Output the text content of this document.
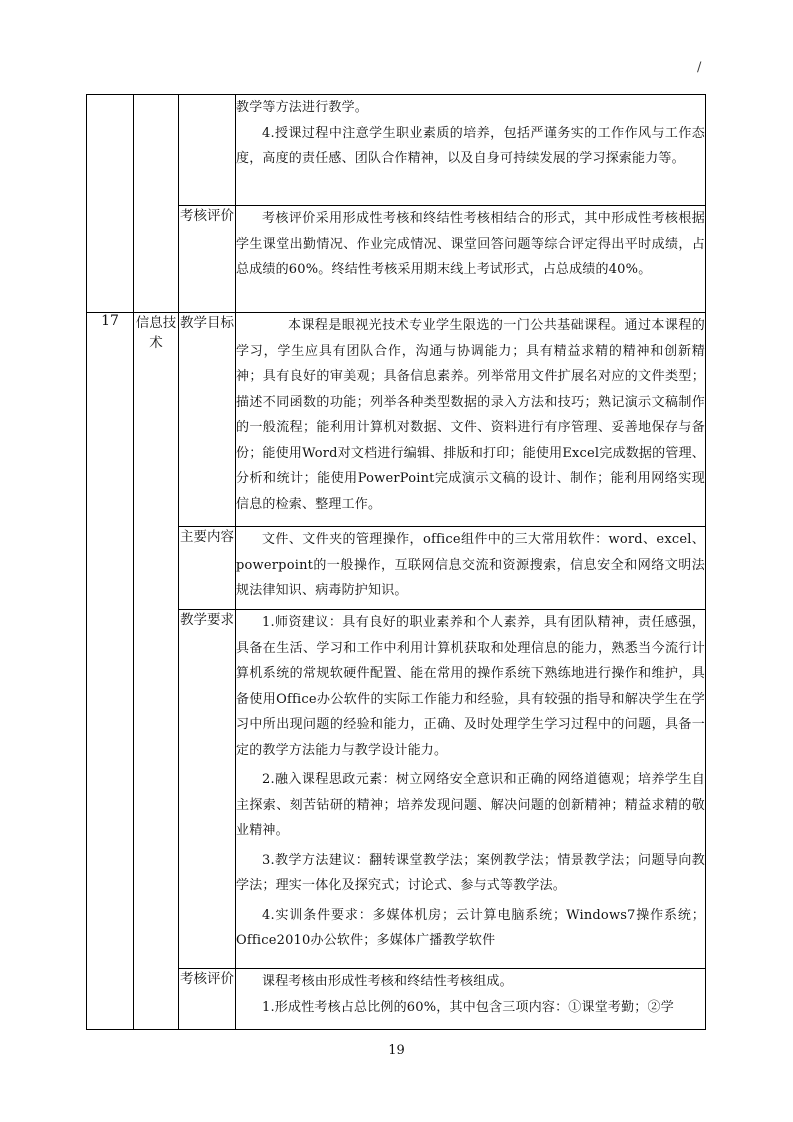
/

			教学等方法进行教学。

4.授课过程中注意学生职业素质的培养，包括严谨务实的工作作风与工作态度，高度的责任感、团队合作精神，以及自身可持续发展的学习探索能力等。

		考核评价	考核评价采用形成性考核和终结性考核相结合的形式，其中形成性考核根据学生课堂出勤情况、作业完成情况、课堂回答问题等综合评定得出平时成绩，占总成绩的60%。终结性考核采用期末线上考试形式，占总成绩的40%。

17	信息技术	教学目标	本课程是眼视光技术专业学生限选的一门公共基础课程。通过本课程的学习，学生应具有团队合作，沟通与协调能力；具有精益求精的精神和创新精神；具有良好的审美观；具备信息素养。列举常用文件扩展名对应的文件类型；描述不同函数的功能；列举各种类型数据的录入方法和技巧；熟记演示文稿制作的一般流程；能利用计算机对数据、文件、资料进行有序管理、妥善地保存与备份；能使用Word对文档进行编辑、排版和打印；能使用Excel完成数据的管理、分析和统计；能使用PowerPoint完成演示文稿的设计、制作；能利用网络实现信息的检索、整理工作。

		主要内容	文件、文件夹的管理操作，office组件中的三大常用软件：word、excel、powerpoint的一般操作，互联网信息交流和资源搜索，信息安全和网络文明法规法律知识、病毒防护知识。

		教学要求	1.师资建议：具有良好的职业素养和个人素养，具有团队精神，责任感强，具备在生活、学习和工作中利用计算机获取和处理信息的能力，熟悉当今流行计算机系统的常规软硬件配置、能在常用的操作系统下熟练地进行操作和维护，具备使用Office办公软件的实际工作能力和经验，具有较强的指导和解决学生在学习中所出现问题的经验和能力，正确、及时处理学生学习过程中的问题，具备一定的教学方法能力与教学设计能力。

2.融入课程思政元素：树立网络安全意识和正确的网络道德观；培养学生自主探索、刻苦钻研的精神；培养发现问题、解决问题的创新精神；精益求精的敬业精神。

3.教学方法建议：翻转课堂教学法；案例教学法；情景教学法；问题导向教学法；理实一体化及探究式；讨论式、参与式等教学法。

4.实训条件要求：多媒体机房；云计算电脑系统；Windows7操作系统；Office2010办公软件；多媒体广播教学软件

		考核评价	课程考核由形成性考核和终结性考核组成。

1.形成性考核占总比例的60%，其中包含三项内容：①课堂考勤；②学

19
